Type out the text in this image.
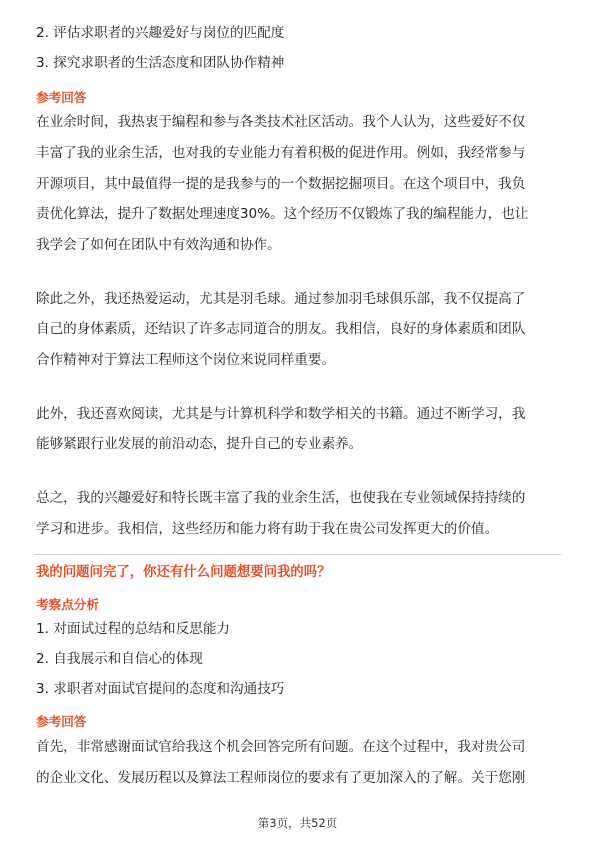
2. 评估求职者的兴趣爱好与岗位的匹配度
3. 探究求职者的生活态度和团队协作精神
参考回答
在业余时间，我热衷于编程和参与各类技术社区活动。我个人认为，这些爱好不仅
丰富了我的业余生活，也对我的专业能力有着积极的促进作用。例如，我经常参与
开源项目，其中最值得一提的是我参与的一个数据挖掘项目。在这个项目中，我负
责优化算法，提升了数据处理速度30%。这个经历不仅锻炼了我的编程能力，也让
我学会了如何在团队中有效沟通和协作。
除此之外，我还热爱运动，尤其是羽毛球。通过参加羽毛球俱乐部，我不仅提高了
自己的身体素质，还结识了许多志同道合的朋友。我相信，良好的身体素质和团队
合作精神对于算法工程师这个岗位来说同样重要。
此外，我还喜欢阅读，尤其是与计算机科学和数学相关的书籍。通过不断学习，我
能够紧跟行业发展的前沿动态，提升自己的专业素养。
总之，我的兴趣爱好和特长既丰富了我的业余生活，也使我在专业领域保持持续的
学习和进步。我相信，这些经历和能力将有助于我在贵公司发挥更大的价值。
我的问题问完了，你还有什么问题想要问我的吗？
考察点分析
1. 对面试过程的总结和反思能力
2. 自我展示和自信心的体现
3. 求职者对面试官提问的态度和沟通技巧
参考回答
首先，非常感谢面试官给我这个机会回答完所有问题。在这个过程中，我对贵公司
的企业文化、发展历程以及算法工程师岗位的要求有了更加深入的了解。关于您刚
第3页，共52页
